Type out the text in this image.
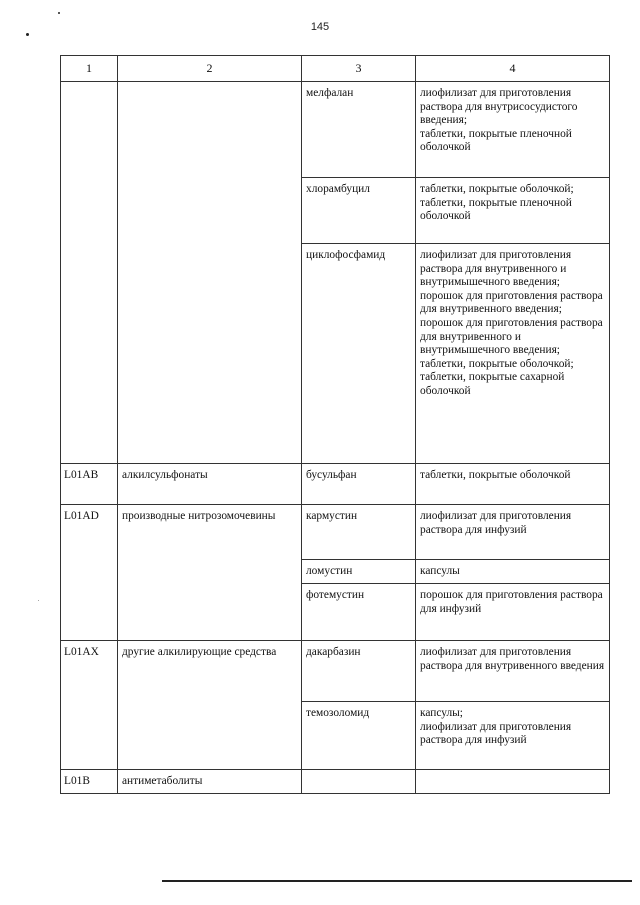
145
1	2	3	4
		мелфалан	лиофилизат для приготовления раствора для внутрисосудистого введения;
таблетки, покрытые пленочной оболочкой

		хлорамбуцил	таблетки, покрытые оболочкой;
таблетки, покрытые пленочной оболочкой

		циклофосфамид	лиофилизат для приготовления раствора для внутривенного и внутримышечного введения;
порошок для приготовления раствора для внутривенного введения;
порошок для приготовления раствора для внутривенного и внутримышечного введения;
таблетки, покрытые оболочкой;
таблетки, покрытые сахарной оболочкой

L01AB	алкилсульфонаты	бусульфан	таблетки, покрытые оболочкой

L01AD	производные нитрозомочевины	кармустин	лиофилизат для приготовления раствора для инфузий

		ломустин	капсулы

		фотемустин	порошок для приготовления раствора для инфузий

L01AX	другие алкилирующие средства	дакарбазин	лиофилизат для приготовления раствора для внутривенного введения

		темозоломид	капсулы;
лиофилизат для приготовления раствора для инфузий

L01B	антиметаболиты		
